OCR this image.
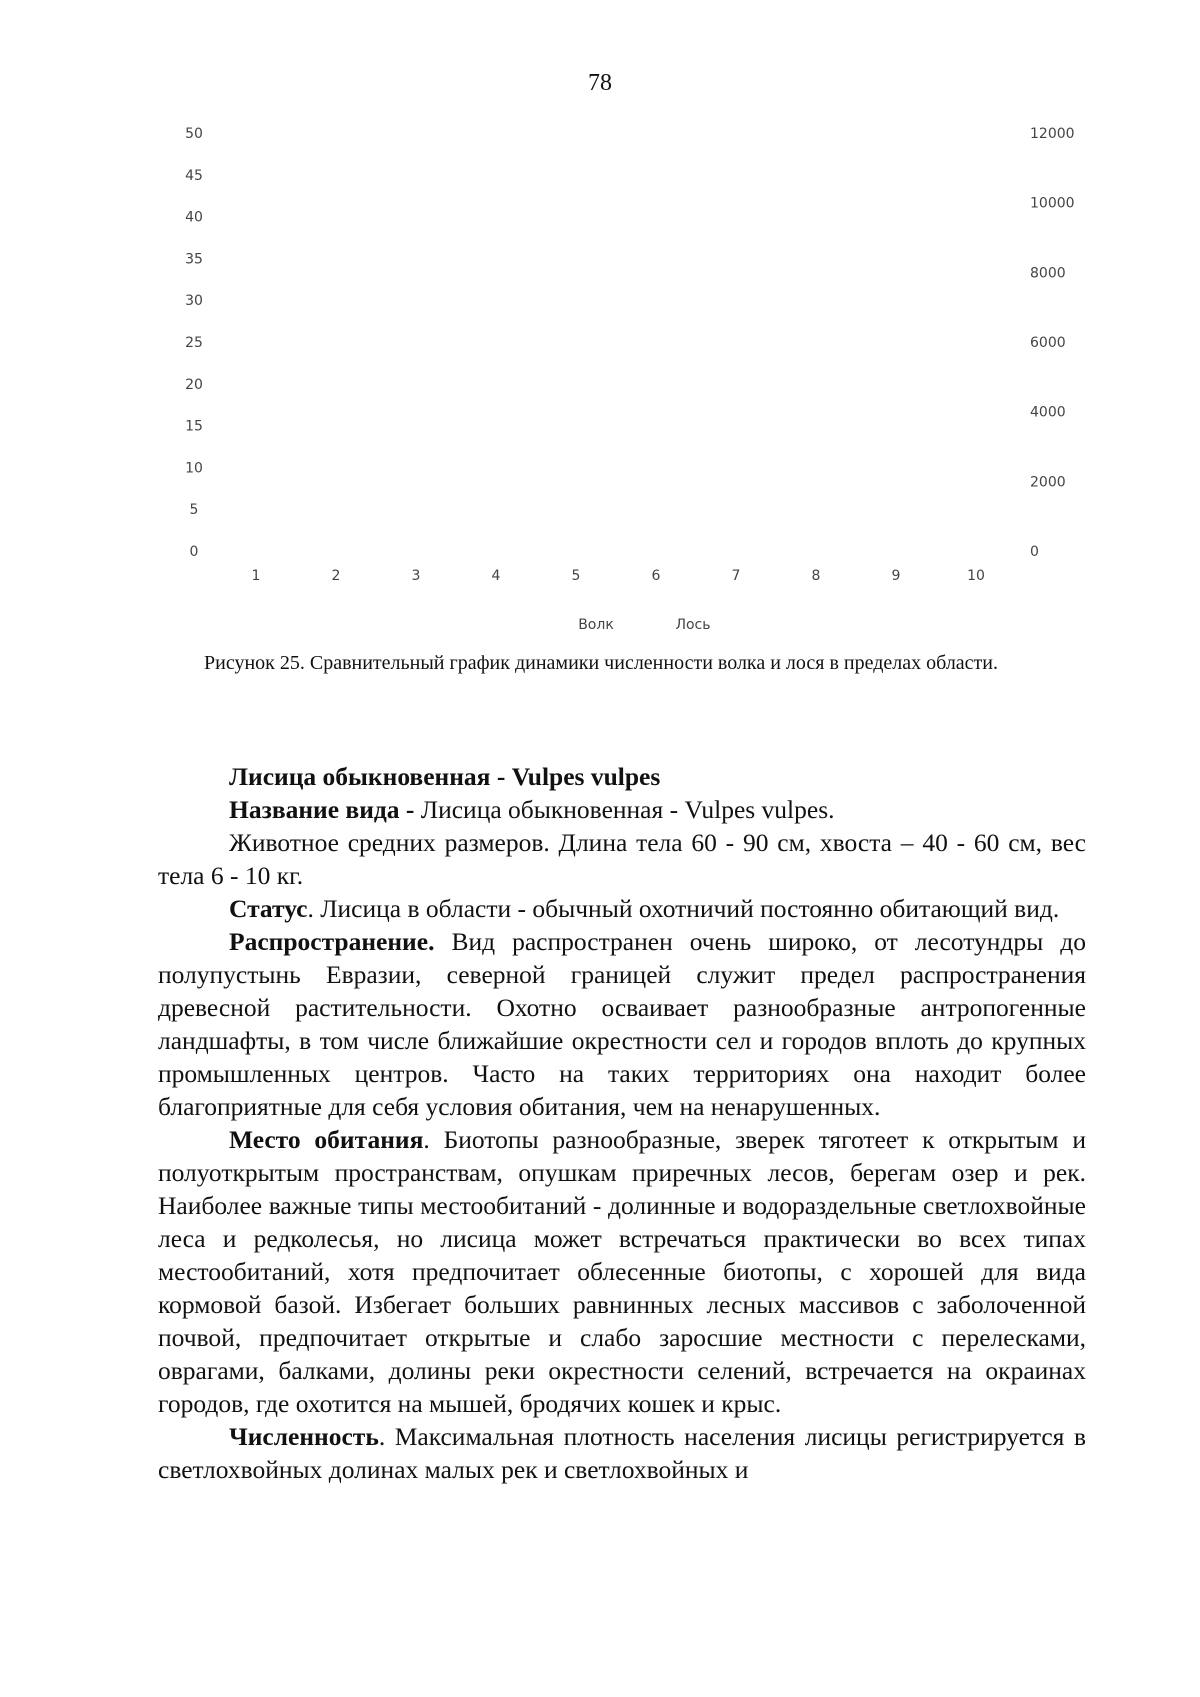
78
0
5
10
15
20
25
30
35
40
45
50
0
2000
4000
6000
8000
10000
12000
1	2	3	4	5	6	7	8	9	10
Волк	Лось
Рисунок 25. Сравнительный график динамики численности волка и лося в пределах области.

Лисица обыкновенная - Vulpes vulpes

Название вида - Лисица обыкновенная - Vulpes vulpes.

Животное средних размеров. Длина тела 60 - 90 см, хвоста – 40 - 60 см, вес тела 6 - 10 кг.

Статус. Лисица в области - обычный охотничий постоянно обитающий вид.

Распространение. Вид распространен очень широко, от лесотундры до полупустынь Евразии, северной границей служит предел распространения древесной растительности. Охотно осваивает разнообразные антропогенные ландшафты, в том числе ближайшие окрестности сел и городов вплоть до крупных промышленных центров. Часто на таких территориях она находит более благоприятные для себя условия обитания, чем на ненарушенных.

Место обитания. Биотопы разнообразные, зверек тяготеет к открытым и полуоткрытым пространствам, опушкам приречных лесов, берегам озер и рек. Наиболее важные типы местообитаний - долинные и водораздельные светлохвойные леса и редколесья, но лисица может встречаться практически во всех типах местообитаний, хотя предпочитает облесенные биотопы, с хорошей для вида кормовой базой. Избегает больших равнинных лесных массивов с заболоченной почвой, предпочитает открытые и слабо заросшие местности с перелесками, оврагами, балками, долины реки окрестности селений, встречается на окраинах городов, где охотится на мышей, бродячих кошек и крыс.

Численность. Максимальная плотность населения лисицы регистрируется в светлохвойных долинах малых рек и светлохвойных и
